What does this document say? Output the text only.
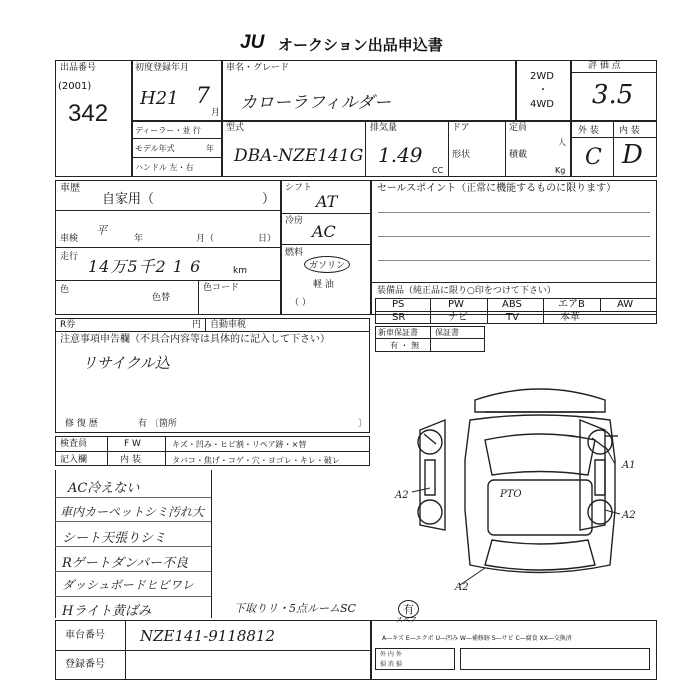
JU オークション出品申込書
出品番号
(2001)
342
初度登録年月
H21 7
月
車名・グレード
カローラフィルダー
2WD
・
4WD
評 価 点
3.5
ディーラー・並 行
モデル年式	年
ハンドル 左・右
型式
DBA-NZE141G
排気量
1.49
CC
ドア	定員
人
形状	積載
Kg
外 装 内 装
C D
車歴
自家用（	）
シフト
AT
セールスポイント（正常に機能するものに限ります）
車検
平
年	月（	日）
冷房
AC
走行 14万5千2 1 6	km
燃料
ガソリン
軽 油
（ ）
色
色替
色コード	装備品（純正品に限り○印をつけて下さい）
PS	PW	ABS	エアB	AW
SR	ナビ	TV	本革
R券	円 自動車税
注意事項申告欄（不具合内容等は具体的に記入して下さい）
リサイクル込
修 復 歴	有 〔箇所	〕
新車保証書 保証書
有 ・ 無
検査員	F W	キズ・凹み・ヒビ割・リペア跡・×替
記入欄	内 装	タバコ・焦げ・コゲ・穴・ヨゴレ・キレ・破レ
AC冷えない
車内カーペットシミ汚れ大
シート天張りシミ
Rゲートダンパー不良
ダッシュボードヒビワレ
Hライト黄ばみ	下取りリ・5点ルームSC	有
スペア
A1
A2
A2
A2
PTO
車台番号 NZE141-9118812
登録番号
A―キズ E―エクボ U―凹み W―補修跡 S―サビ C―腐食 XX―交換済
外 内 外
損 消 損
